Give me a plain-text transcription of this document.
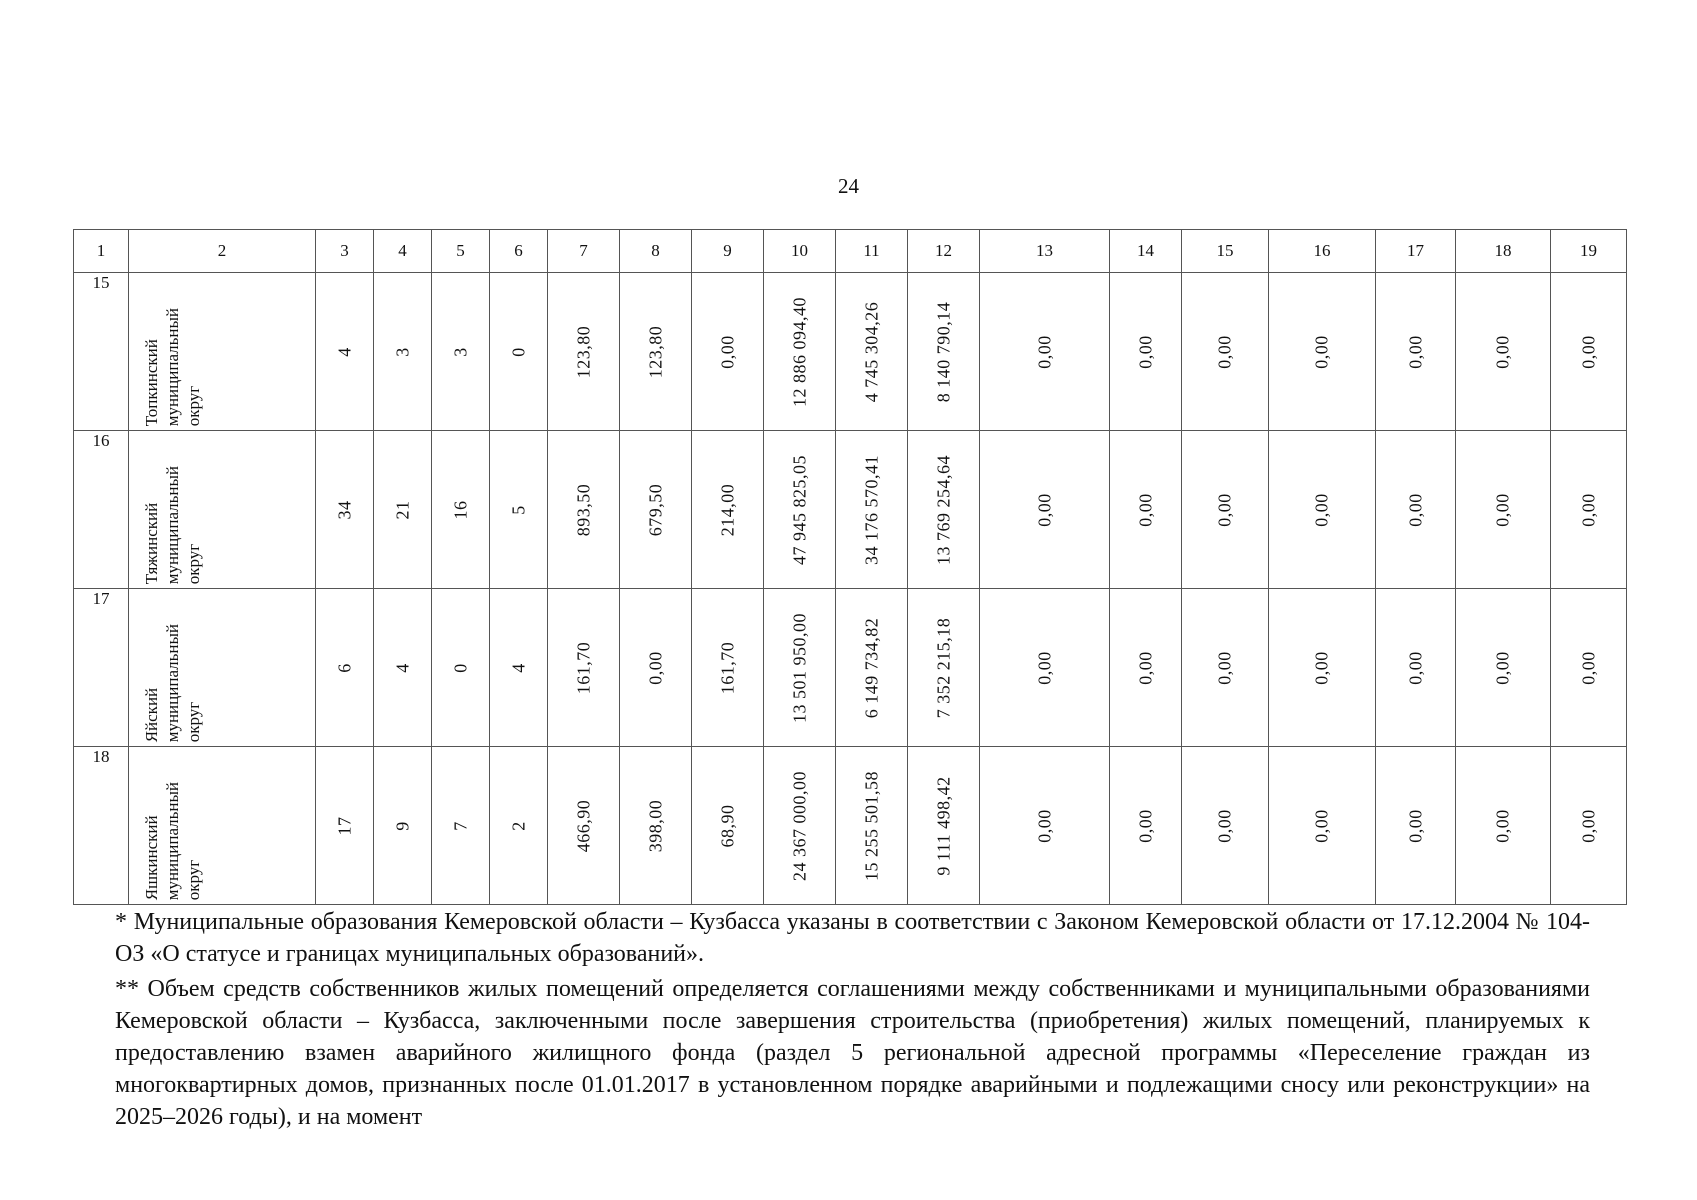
24
1	2	3	4	5	6	7	8	9	10	11	12	13	14	15	16	17	18	19
15	Топкинский
муниципальный
округ	4	3	3	0	123,80	123,80	0,00	12 886 094,40	4 745 304,26	8 140 790,14	0,00	0,00	0,00	0,00	0,00	0,00	0,00

16	Тяжинский
муниципальный
округ	34	21	16	5	893,50	679,50	214,00	47 945 825,05	34 176 570,41	13 769 254,64	0,00	0,00	0,00	0,00	0,00	0,00	0,00

17	Яйский
муниципальный
округ	6	4	0	4	161,70	0,00	161,70	13 501 950,00	6 149 734,82	7 352 215,18	0,00	0,00	0,00	0,00	0,00	0,00	0,00

18	Яшкинский
муниципальный
округ	17	9	7	2	466,90	398,00	68,90	24 367 000,00	15 255 501,58	9 111 498,42	0,00	0,00	0,00	0,00	0,00	0,00	0,00

* Муниципальные образования Кемеровской области – Кузбасса указаны в соответствии с Законом Кемеровской области от 17.12.2004 № 104-ОЗ «О статусе и границах муниципальных образований».

** Объем средств собственников жилых помещений определяется соглашениями между собственниками и муниципальными образованиями Кемеровской области – Кузбасса, заключенными после завершения строительства (приобретения) жилых помещений, планируемых к предоставлению взамен аварийного жилищного фонда (раздел 5 региональной адресной программы «Переселение граждан из многоквартирных домов, признанных после 01.01.2017 в установленном порядке аварийными и подлежащими сносу или реконструкции» на 2025–2026 годы), и на момент
